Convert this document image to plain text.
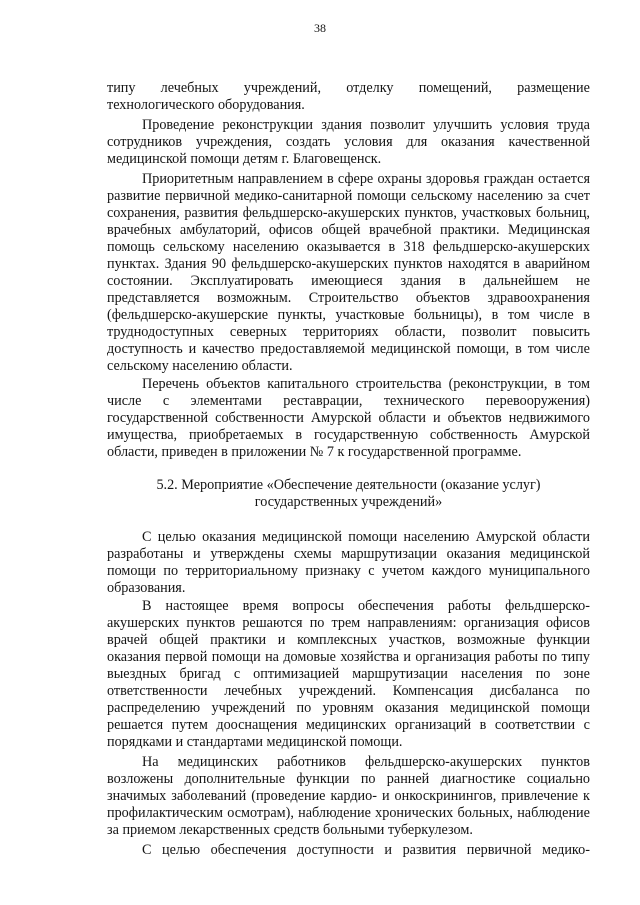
38
типу лечебных учреждений, отделку помещений, размещение
технологического оборудования.
Проведение реконструкции здания позволит улучшить условия труда
сотрудников учреждения, создать условия для оказания качественной
медицинской помощи детям г. Благовещенск.
Приоритетным направлением в сфере охраны здоровья граждан остается
развитие первичной медико-санитарной помощи сельскому населению за счет
сохранения, развития фельдшерско-акушерских пунктов, участковых больниц,
врачебных амбулаторий, офисов общей врачебной практики. Медицинская
помощь сельскому населению оказывается в 318 фельдшерско-акушерских
пунктах. Здания 90 фельдшерско-акушерских пунктов находятся в аварийном
состоянии. Эксплуатировать имеющиеся здания в дальнейшем не
представляется возможным. Строительство объектов здравоохранения
(фельдшерско-акушерские пункты, участковые больницы), в том числе в
труднодоступных северных территориях области, позволит повысить
доступность и качество предоставляемой медицинской помощи, в том числе
сельскому населению области.
Перечень объектов капитального строительства (реконструкции, в том
числе с элементами реставрации, технического перевооружения)
государственной собственности Амурской области и объектов недвижимого
имущества, приобретаемых в государственную собственность Амурской
области, приведен в приложении № 7 к государственной программе.
5.2. Мероприятие «Обеспечение деятельности (оказание услуг)
государственных учреждений»
С целью оказания медицинской помощи населению Амурской области
разработаны и утверждены схемы маршрутизации оказания медицинской
помощи по территориальному признаку с учетом каждого муниципального
образования.
В настоящее время вопросы обеспечения работы фельдшерско-
акушерских пунктов решаются по трем направлениям: организация офисов
врачей общей практики и комплексных участков, возможные функции
оказания первой помощи на домовые хозяйства и организация работы по типу
выездных бригад с оптимизацией маршрутизации населения по зоне
ответственности лечебных учреждений. Компенсация дисбаланса по
распределению учреждений по уровням оказания медицинской помощи
решается путем дооснащения медицинских организаций в соответствии с
порядками и стандартами медицинской помощи.
На медицинских работников фельдшерско-акушерских пунктов
возложены дополнительные функции по ранней диагностике социально
значимых заболеваний (проведение кардио- и онкоскринингов, привлечение к
профилактическим осмотрам), наблюдение хронических больных, наблюдение
за приемом лекарственных средств больными туберкулезом.
С целью обеспечения доступности и развития первичной медико-
